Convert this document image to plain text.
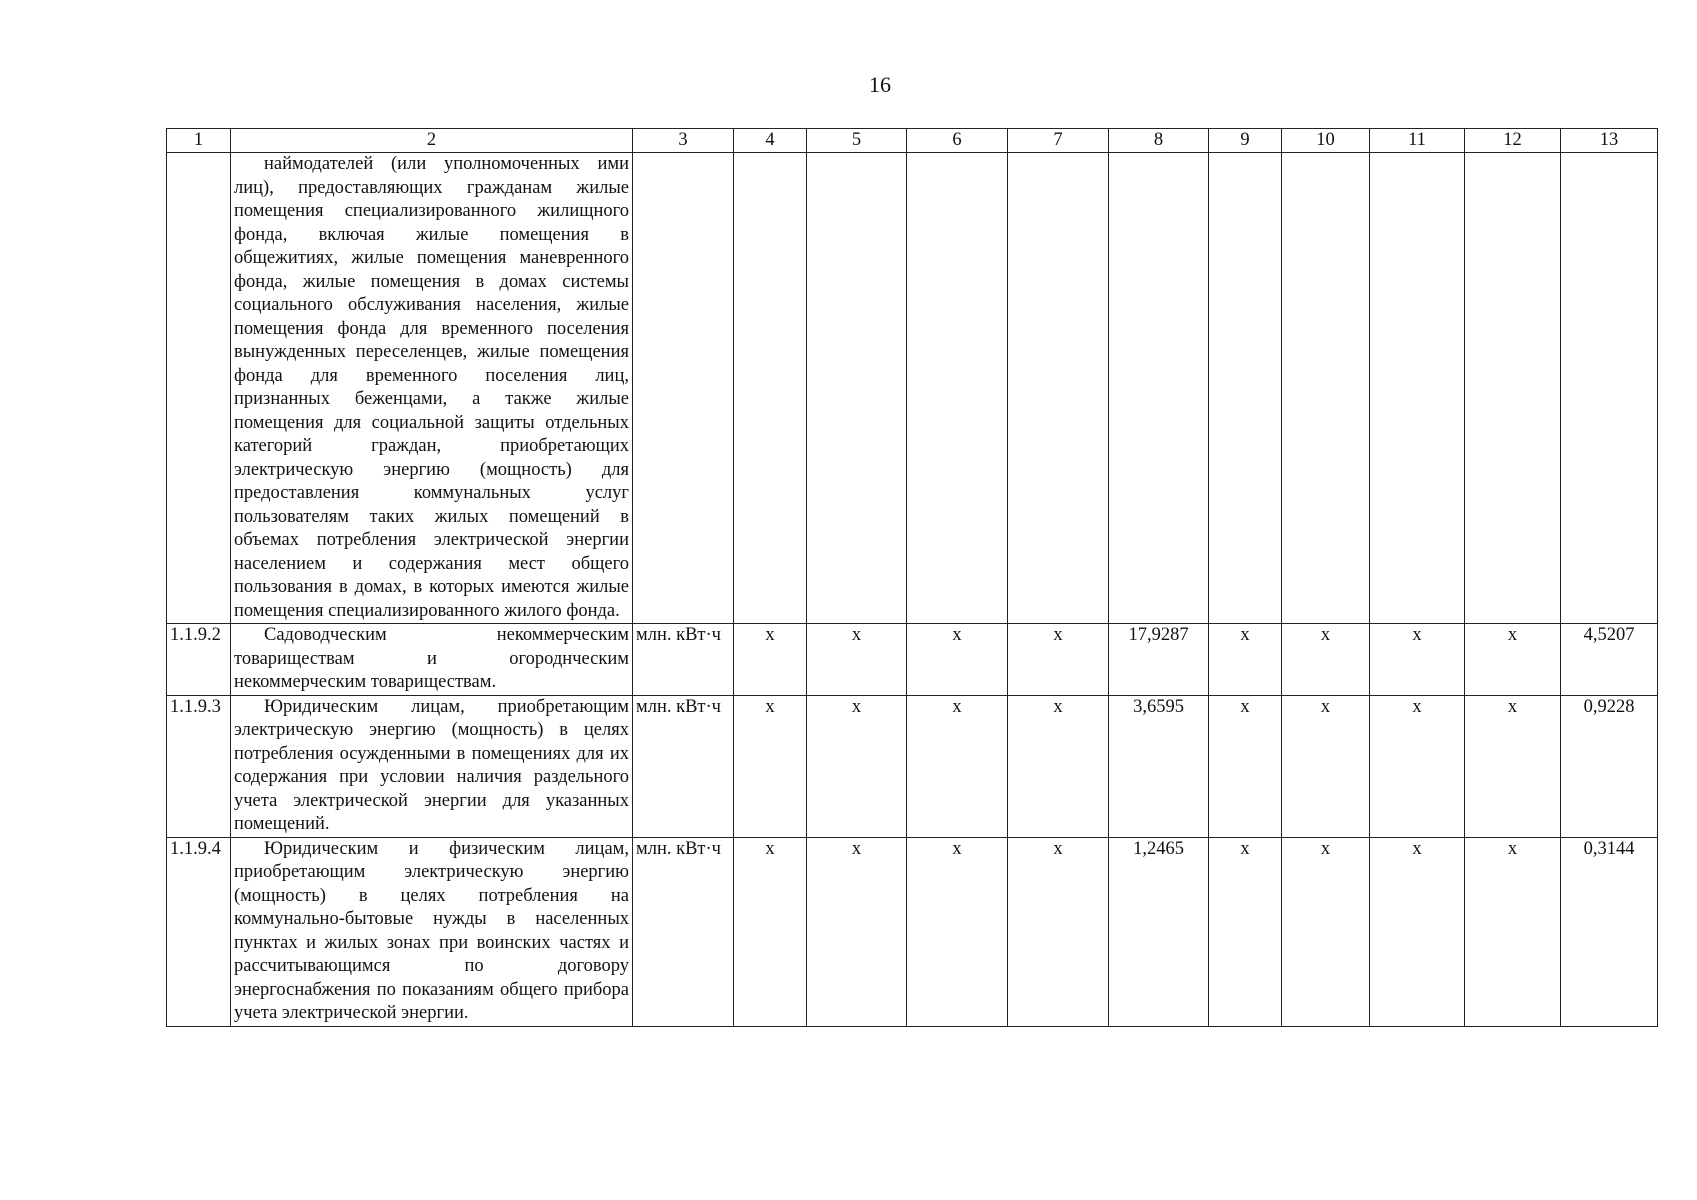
16
1	2	3	4	5	6	7	8	9	10	11	12	13

	наймодателей (или уполномоченных ими лиц), предоставляющих гражданам жилые помещения специализированного жилищного фонда, включая жилые помещения в общежитиях, жилые помещения маневренного фонда, жилые помещения в домах системы социального обслуживания населения, жилые помещения фонда для временного поселения вынужденных переселенцев, жилые помещения фонда для временного поселения лиц, признанных беженцами, а также жилые помещения для социальной защиты отдельных категорий граждан, приобретающих электрическую энергию (мощность) для предоставления коммунальных услуг пользователям таких жилых помещений в объемах потребления электрической энергии населением и содержания мест общего пользования в домах, в которых имеются жилые помещения специализированного жилого фонда.											

1.1.9.2	Садоводческим некоммерческим товариществам и огороднческим некоммерческим товариществам.	млн. кВт·ч	х	х	х	х	17,9287	х	х	х	х	4,5207
1.1.9.3	Юридическим лицам, приобретающим электрическую энергию (мощность) в целях потребления осужденными в помещениях для их содержания при условии наличия раздельного учета электрической энергии для указанных помещений.	млн. кВт·ч	х	х	х	х	3,6595	х	х	х	х	0,9228
1.1.9.4	Юридическим и физическим лицам, приобретающим электрическую энергию (мощность) в целях потребления на коммунально-бытовые нужды в населенных пунктах и жилых зонах при воинских частях и рассчитывающимся по договору энергоснабжения по показаниям общего прибора учета электрической энергии.	млн. кВт·ч	х	х	х	х	1,2465	х	х	х	х	0,3144
